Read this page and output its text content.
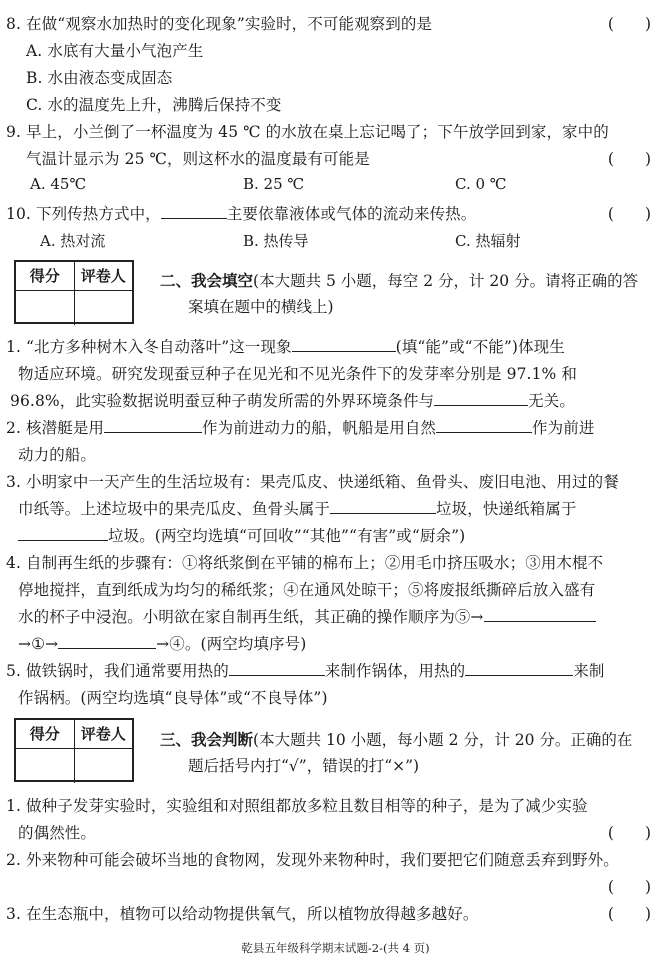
8. 在做“观察水加热时的变化现象”实验时，不可能观察到的是	(　　)
A. 水底有大量小气泡产生
B. 水由液态变成固态
C. 水的温度先上升，沸腾后保持不变
9. 早上，小兰倒了一杯温度为 45 ℃ 的水放在桌上忘记喝了；下午放学回到家，家中的
气温计显示为 25 ℃，则这杯水的温度最有可能是	(　　)
A. 45℃	B. 25 ℃	C. 0 ℃
10. 下列传热方式中，	主要依靠液体或气体的流动来传热。	(　　)
A. 热对流	B. 热传导	C. 热辐射
得分	评卷人	二、我会填空(本大题共 5 小题，每空 2 分，计 20 分。请将正确的答
案填在题中的横线上)
1. “北方多种树木入冬自动落叶”这一现象	(填“能”或“不能”)体现生
物适应环境。研究发现蚕豆种子在见光和不见光条件下的发芽率分别是 97.1% 和
96.8%，此实验数据说明蚕豆种子萌发所需的外界环境条件与	无关。
2. 核潜艇是用	作为前进动力的船，帆船是用自然	作为前进
动力的船。
3. 小明家中一天产生的生活垃圾有：果壳瓜皮、快递纸箱、鱼骨头、废旧电池、用过的餐
巾纸等。上述垃圾中的果壳瓜皮、鱼骨头属于	垃圾，快递纸箱属于
垃圾。(两空均选填“可回收”“其他”“有害”或“厨余”)
4. 自制再生纸的步骤有：①将纸浆倒在平铺的棉布上；②用毛巾挤压吸水；③用木棍不
停地搅拌，直到纸成为均匀的稀纸浆；④在通风处晾干；⑤将废报纸撕碎后放入盛有
水的杯子中浸泡。小明欲在家自制再生纸，其正确的操作顺序为⑤→
→①→	→④。(两空均填序号)
5. 做铁锅时，我们通常要用热的	来制作锅体，用热的	来制
作锅柄。(两空均选填“良导体”或“不良导体”)
得分	评卷人	三、我会判断(本大题共 10 小题，每小题 2 分，计 20 分。正确的在
题后括号内打“√”，错误的打“×”)
1. 做种子发芽实验时，实验组和对照组都放多粒且数目相等的种子，是为了减少实验
的偶然性。	(　　)
2. 外来物种可能会破坏当地的食物网，发现外来物种时，我们要把它们随意丢弃到野外。
(　　)
3. 在生态瓶中，植物可以给动物提供氧气，所以植物放得越多越好。	(　　)
乾县五年级科学期末试题-2-(共 4 页)
